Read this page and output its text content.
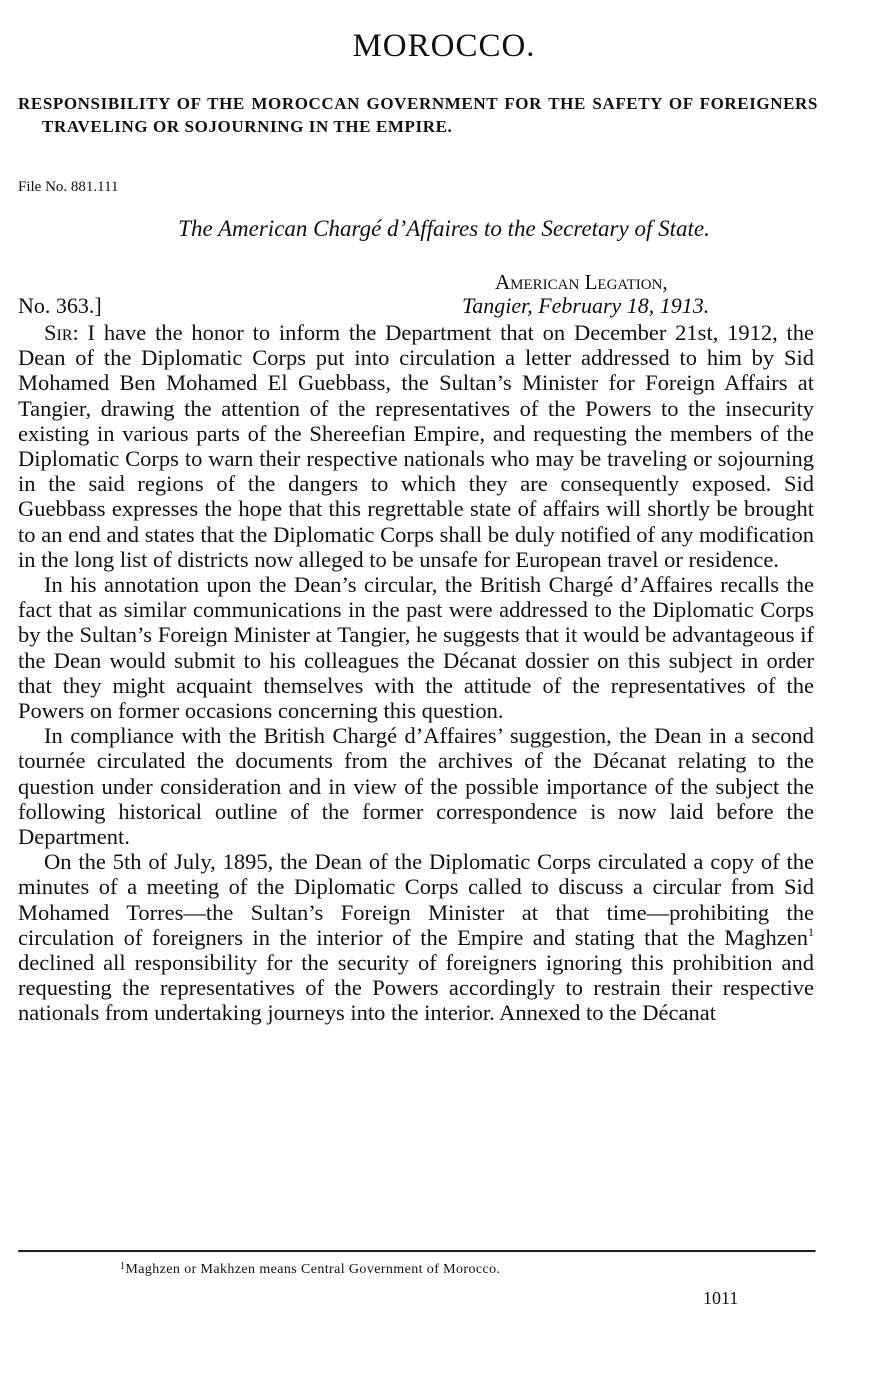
MOROCCO.

RESPONSIBILITY OF THE MOROCCAN GOVERNMENT FOR THE SAFETY OF FOREIGNERS TRAVELING OR SOJOURNING IN THE EMPIRE.

File No. 881.111

The American Chargé d’Affaires to the Secretary of State.

American Legation,

No. 363.]	Tangier, February 18, 1913.

Sir: I have the honor to inform the Department that on December 21st, 1912, the Dean of the Diplomatic Corps put into circulation a letter addressed to him by Sid Mohamed Ben Mohamed El Guebbass, the Sultan’s Minister for Foreign Affairs at Tangier, drawing the attention of the representatives of the Powers to the insecurity existing in various parts of the Shereefian Empire, and requesting the members of the Diplomatic Corps to warn their respective nationals who may be traveling or sojourning in the said regions of the dangers to which they are consequently exposed. Sid Guebbass expresses the hope that this regrettable state of affairs will shortly be brought to an end and states that the Diplomatic Corps shall be duly notified of any modification in the long list of districts now alleged to be unsafe for European travel or residence.

In his annotation upon the Dean’s circular, the British Chargé d’Affaires recalls the fact that as similar communications in the past were addressed to the Diplomatic Corps by the Sultan’s Foreign Minister at Tangier, he suggests that it would be advantageous if the Dean would submit to his colleagues the Décanat dossier on this subject in order that they might acquaint themselves with the attitude of the representatives of the Powers on former occasions concerning this question.

In compliance with the British Chargé d’Affaires’ suggestion, the Dean in a second tournée circulated the documents from the archives of the Décanat relating to the question under consideration and in view of the possible importance of the subject the following historical outline of the former correspondence is now laid before the Department.

On the 5th of July, 1895, the Dean of the Diplomatic Corps circulated a copy of the minutes of a meeting of the Diplomatic Corps called to discuss a circular from Sid Mohamed Torres—the Sultan’s Foreign Minister at that time—prohibiting the circulation of foreigners in the interior of the Empire and stating that the Maghzen$^1$ declined all responsibility for the security of foreigners ignoring this prohibition and requesting the representatives of the Powers accordingly to restrain their respective nationals from undertaking journeys into the interior. Annexed to the Décanat

$^1$Maghzen or Makhzen means Central Government of Morocco.

1011
